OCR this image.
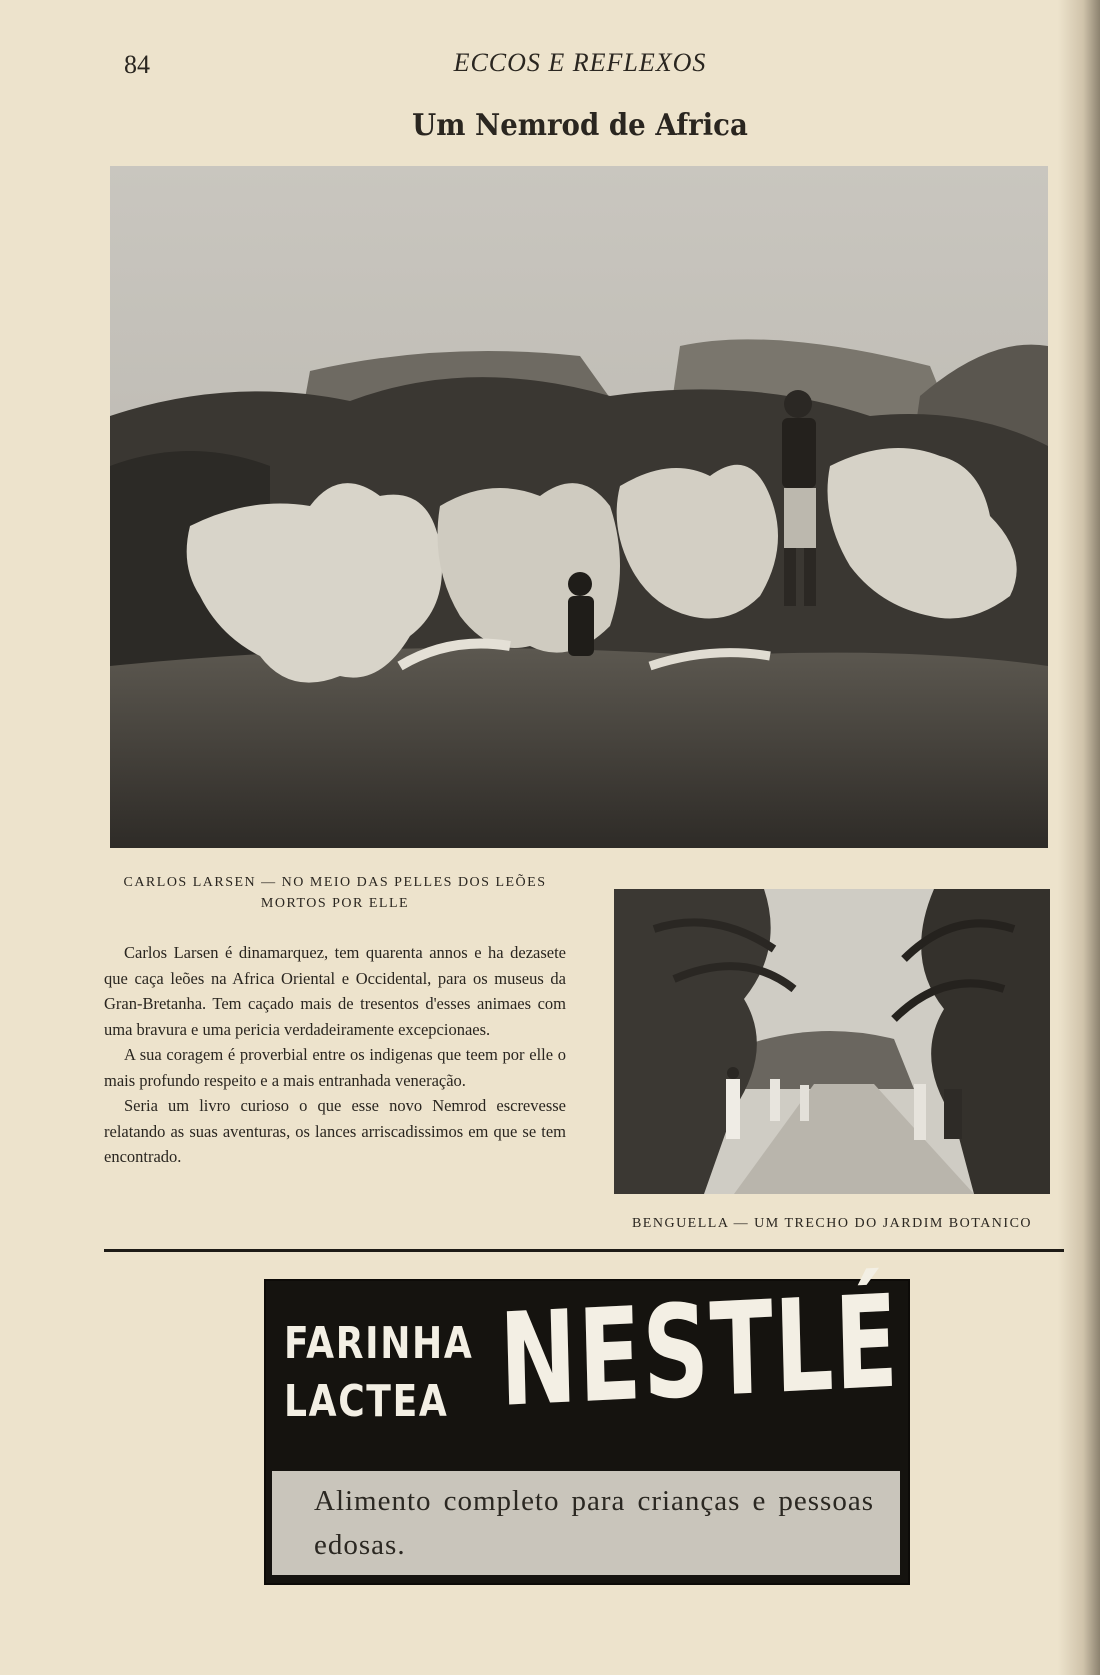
84	ECCOS E REFLEXOS
Um Nemrod de Africa
CARLOS LARSEN — NO MEIO DAS PELLES DOS LEÕES MORTOS POR ELLE

Carlos Larsen é dinamarquez, tem quarenta annos e ha dezasete que caça leões na Africa Oriental e Occidental, para os museus da Gran-Bretanha. Tem caçado mais de tresentos d'esses animaes com uma bravura e uma pericia verdadeiramente excepcionaes.

A sua coragem é proverbial entre os indigenas que teem por elle o mais profundo respeito e a mais entranhada veneração.

Seria um livro curioso o que esse novo Nemrod escrevesse relatando as suas aventuras, os lances arriscadissimos em que se tem encontrado.

BENGUELLA — UM TRECHO DO JARDIM BOTANICO
FARINHA
LACTEA NESTLÉ
Alimento completo para crianças e pessoas edosas.
